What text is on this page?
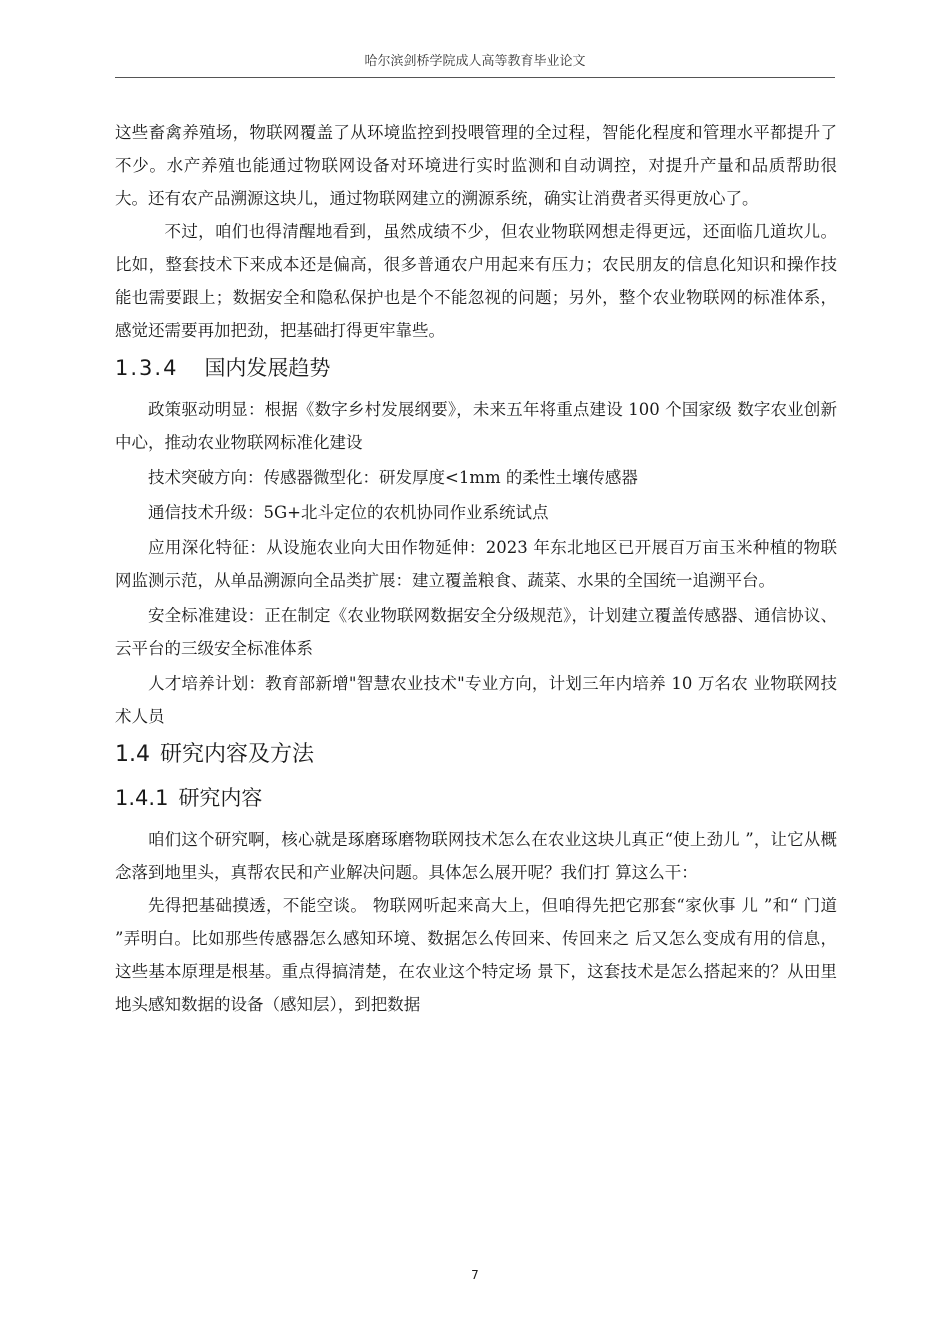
哈尔滨剑桥学院成人高等教育毕业论文

这些畜禽养殖场，物联网覆盖了从环境监控到投喂管理的全过程，智能化程度和管理水平都提升了不少。水产养殖也能通过物联网设备对环境进行实时监测和自动调控，对提升产量和品质帮助很大。还有农产品溯源这块儿，通过物联网建立的溯源系统，确实让消费者买得更放心了。

不过，咱们也得清醒地看到，虽然成绩不少，但农业物联网想走得更远，还面临几道坎儿。比如，整套技术下来成本还是偏高，很多普通农户用起来有压力；农民朋友的信息化知识和操作技能也需要跟上；数据安全和隐私保护也是个不能忽视的问题；另外，整个农业物联网的标准体系，感觉还需要再加把劲，把基础打得更牢靠些。

1.3.4 国内发展趋势

政策驱动明显：根据《数字乡村发展纲要》，未来五年将重点建设 100 个国家级 数字农业创新中心，推动农业物联网标准化建设

技术突破方向：传感器微型化：研发厚度<1mm 的柔性土壤传感器

通信技术升级：5G+北斗定位的农机协同作业系统试点

应用深化特征：从设施农业向大田作物延伸：2023 年东北地区已开展百万亩玉米种植的物联网监测示范，从单品溯源向全品类扩展：建立覆盖粮食、蔬菜、水果的全国统一追溯平台。

安全标准建设：正在制定《农业物联网数据安全分级规范》，计划建立覆盖传感器、通信协议、云平台的三级安全标准体系

人才培养计划：教育部新增"智慧农业技术"专业方向，计划三年内培养 10 万名农 业物联网技术人员

1.4 研究内容及方法
1.4.1 研究内容

咱们这个研究啊，核心就是琢磨琢磨物联网技术怎么在农业这块儿真正“使上劲儿 ”，让它从概念落到地里头，真帮农民和产业解决问题。具体怎么展开呢？我们打 算这么干：

先得把基础摸透，不能空谈。 物联网听起来高大上，但咱得先把它那套“家伙事 儿 ”和“ 门道 ”弄明白。比如那些传感器怎么感知环境、数据怎么传回来、传回来之 后又怎么变成有用的信息，这些基本原理是根基。重点得搞清楚，在农业这个特定场 景下，这套技术是怎么搭起来的？从田里地头感知数据的设备（感知层），到把数据

7
